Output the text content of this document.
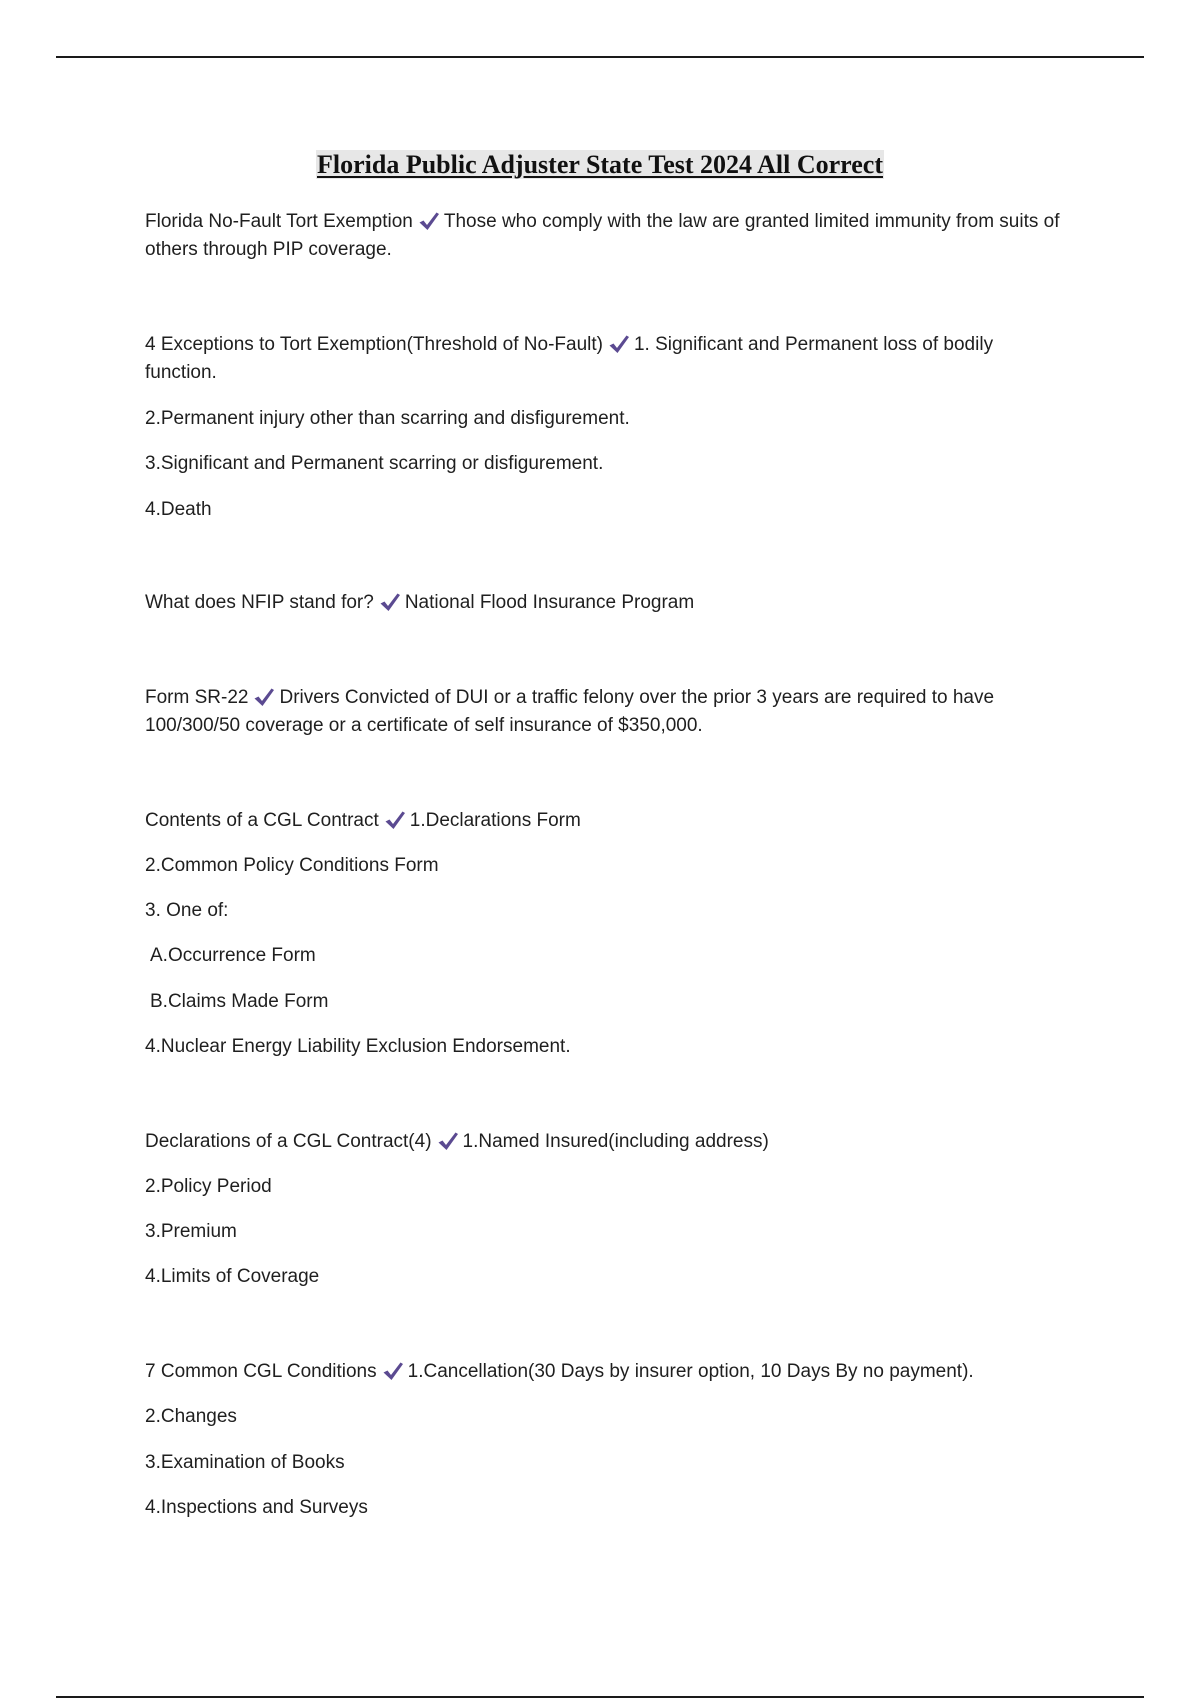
Florida Public Adjuster State Test 2024 All Correct

Florida No-Fault Tort Exemption Those who comply with the law are granted limited immunity from suits of others through PIP coverage.

4 Exceptions to Tort Exemption(Threshold of No-Fault) 1. Significant and Permanent loss of bodily function.

2.Permanent injury other than scarring and disfigurement.

3.Significant and Permanent scarring or disfigurement.

4.Death

What does NFIP stand for? National Flood Insurance Program

Form SR-22 Drivers Convicted of DUI or a traffic felony over the prior 3 years are required to have 100/300/50 coverage or a certificate of self insurance of $350,000.

Contents of a CGL Contract 1.Declarations Form

2.Common Policy Conditions Form

3. One of:

A.Occurrence Form

B.Claims Made Form

4.Nuclear Energy Liability Exclusion Endorsement.

Declarations of a CGL Contract(4) 1.Named Insured(including address)

2.Policy Period

3.Premium

4.Limits of Coverage

7 Common CGL Conditions 1.Cancellation(30 Days by insurer option, 10 Days By no payment).

2.Changes

3.Examination of Books

4.Inspections and Surveys
